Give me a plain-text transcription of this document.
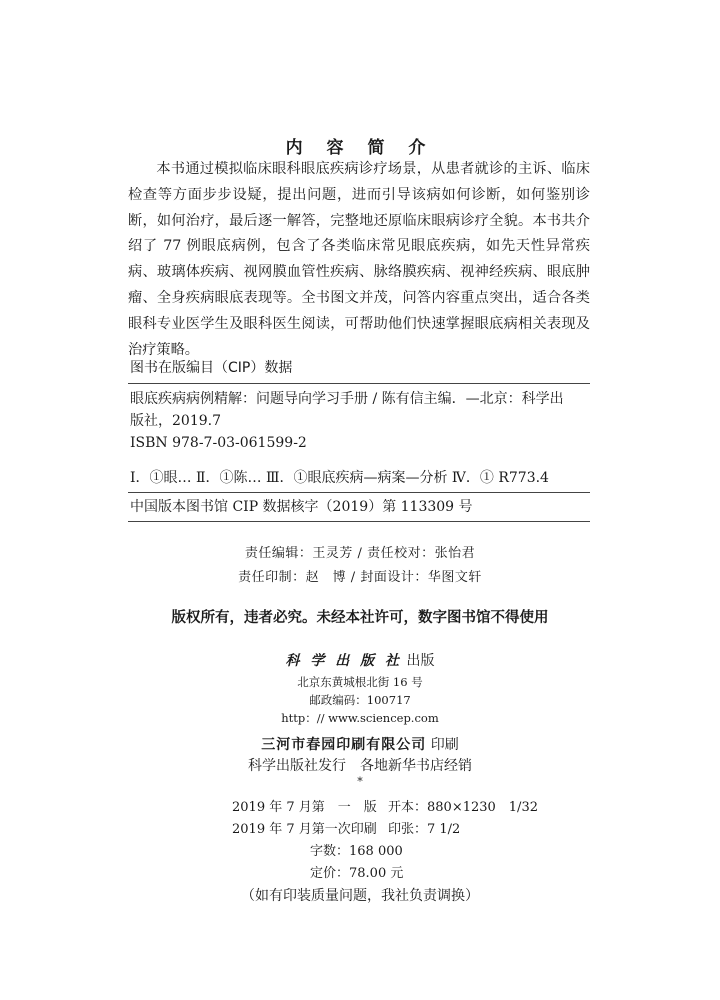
内 容 简 介
本书通过模拟临床眼科眼底疾病诊疗场景，从患者就诊的主诉、临床检查等方面步步设疑，提出问题，进而引导该病如何诊断，如何鉴别诊断，如何治疗，最后逐一解答，完整地还原临床眼病诊疗全貌。本书共介绍了 77 例眼底病例，包含了各类临床常见眼底疾病，如先天性异常疾病、玻璃体疾病、视网膜血管性疾病、脉络膜疾病、视神经疾病、眼底肿瘤、全身疾病眼底表现等。全书图文并茂，问答内容重点突出，适合各类眼科专业医学生及眼科医生阅读，可帮助他们快速掌握眼底病相关表现及治疗策略。
图书在版编目（CIP）数据
眼底疾病病例精解：问题导向学习手册 / 陈有信主编．—北京：科学出
版社，2019.7
ISBN 978-7-03-061599-2
Ⅰ．①眼… Ⅱ．①陈… Ⅲ．①眼底疾病—病案—分析 Ⅳ．① R773.4
中国版本图书馆 CIP 数据核字（2019）第 113309 号
责任编辑：王灵芳 / 责任校对：张怡君
责任印制：赵　博 / 封面设计：华图文轩
版权所有，违者必究。未经本社许可，数字图书馆不得使用
科 学 出 版 社 出版
北京东黄城根北街 16 号
邮政编码：100717
http：// www.sciencep.com
三河市春园印刷有限公司 印刷
科学出版社发行　各地新华书店经销
*
2019 年 7 月第　一　版 开本：880×1230　1/32
2019 年 7 月第一次印刷 印张：7 1/2
字数：168 000
定价：78.00 元
（如有印装质量问题，我社负责调换）
